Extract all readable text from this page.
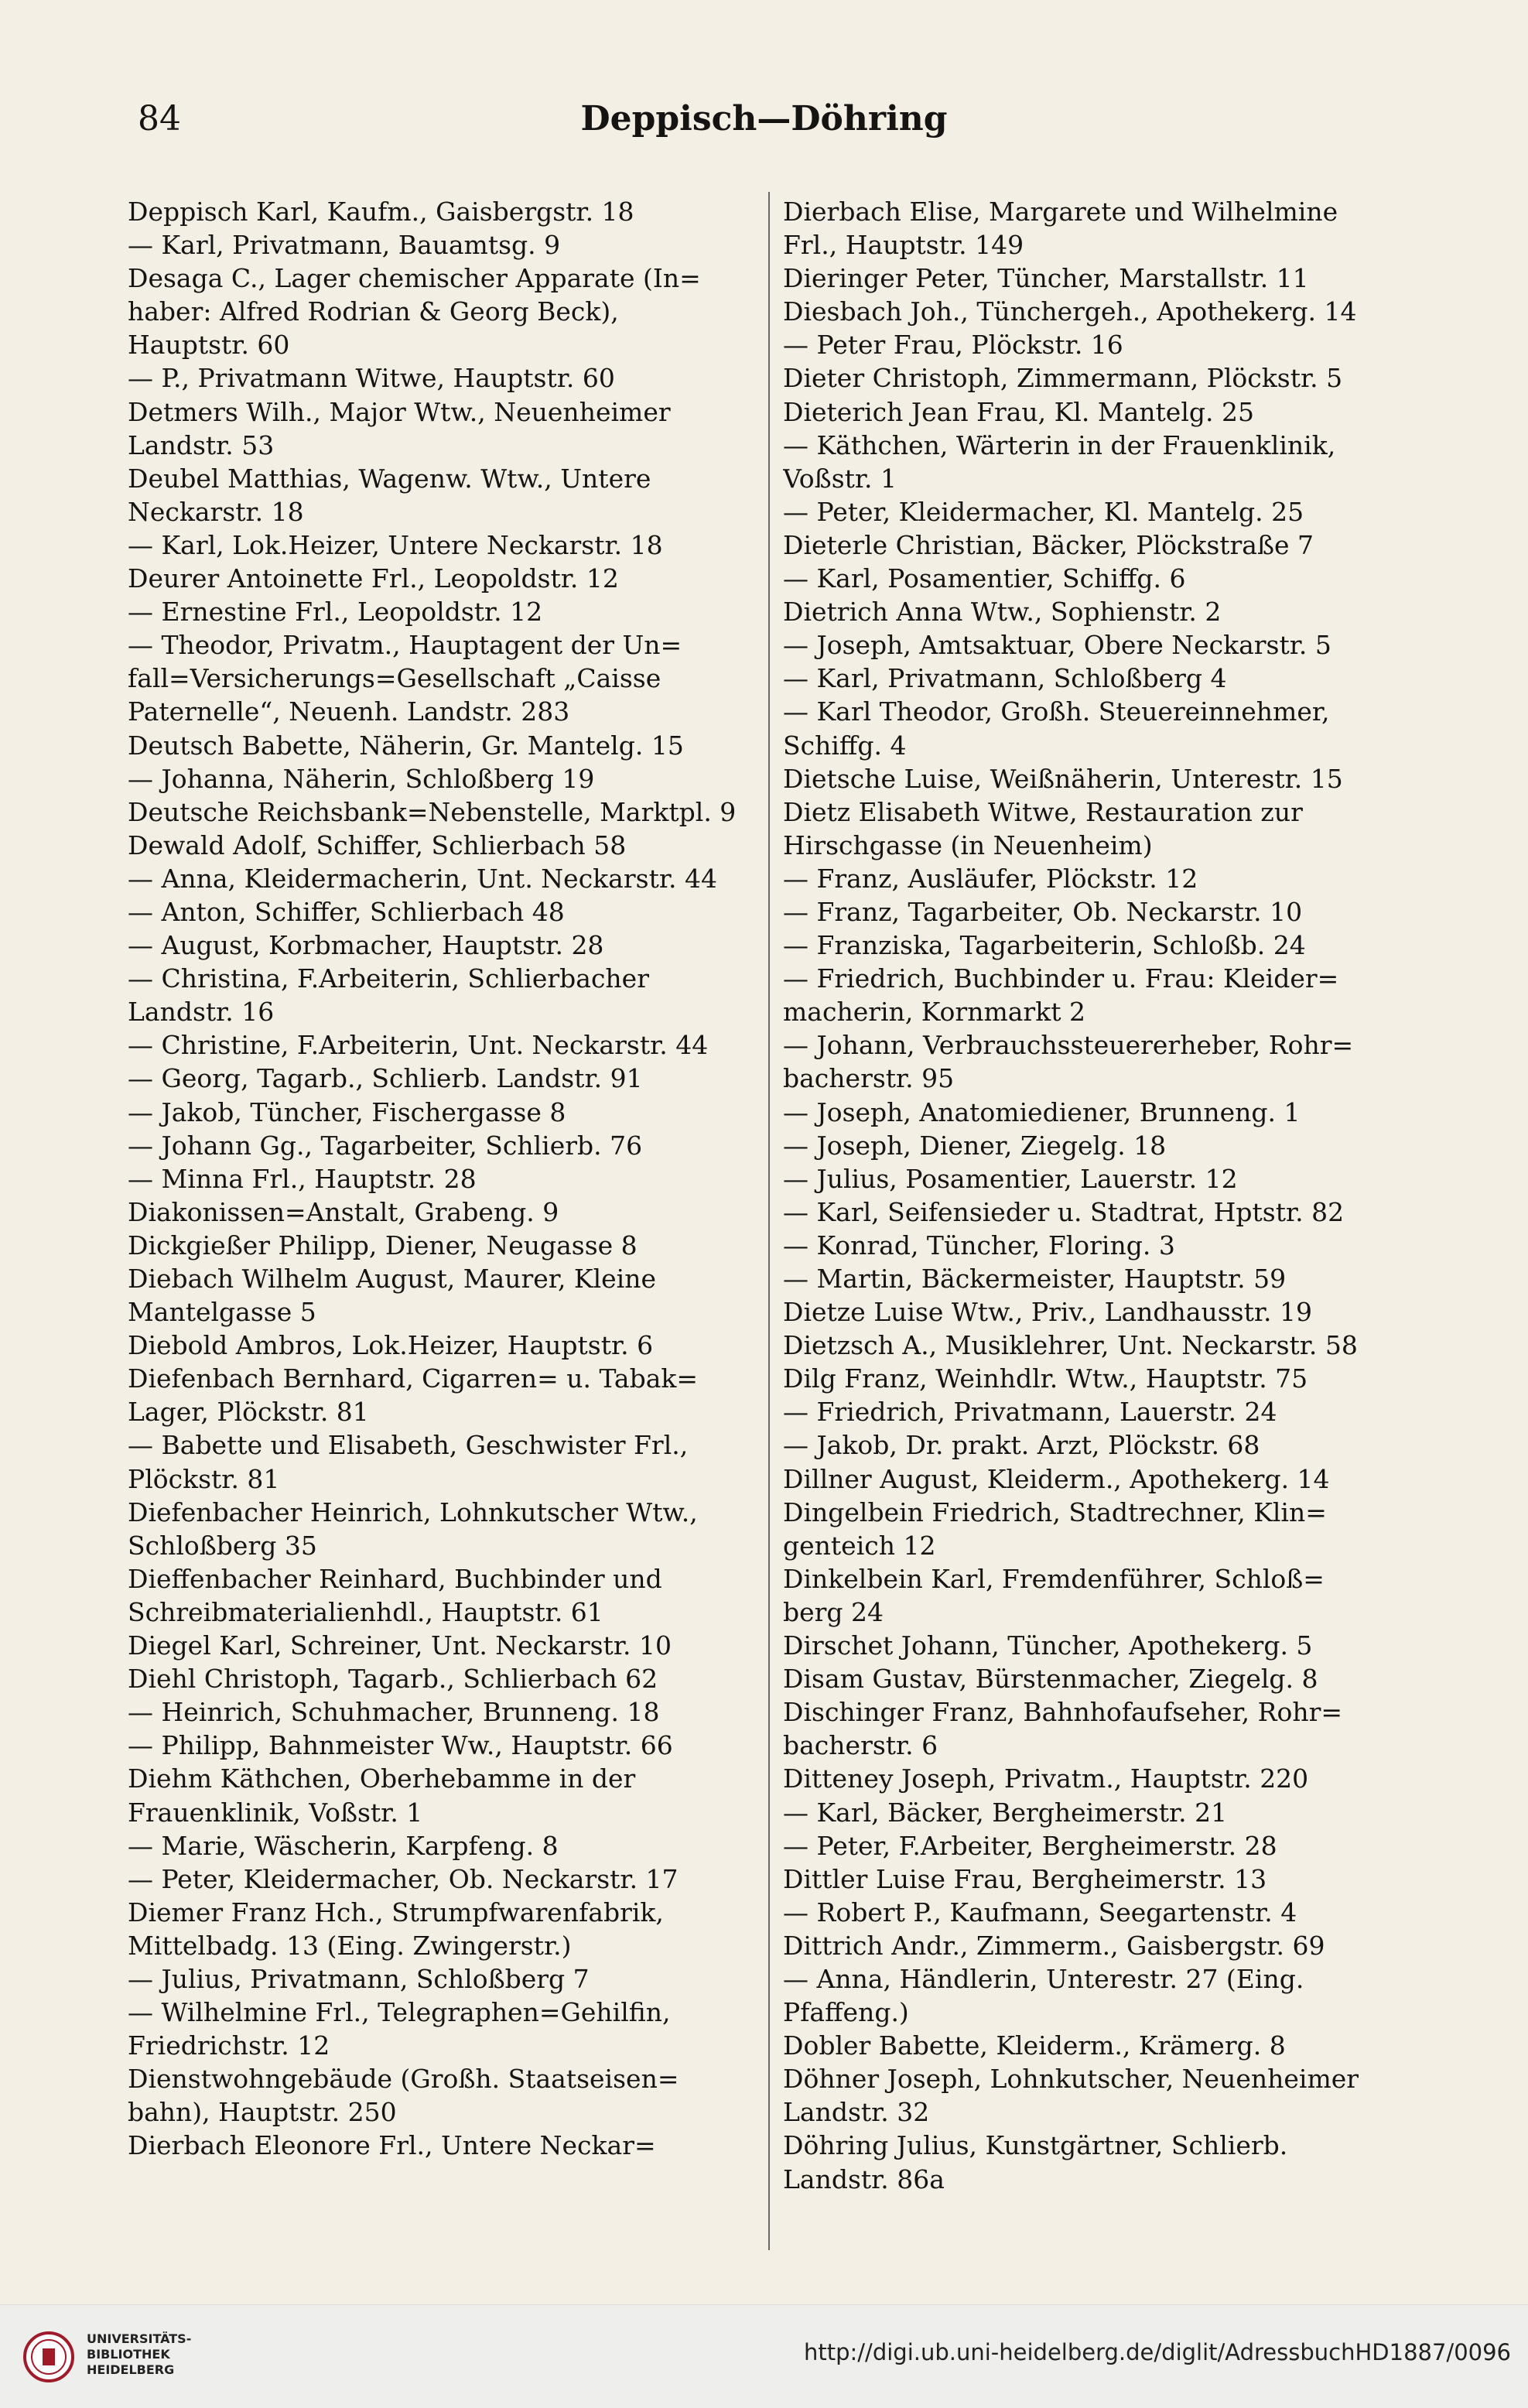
84	Deppisch—Döhring
Deppisch Karl, Kaufm., Gaisbergstr. 18
— Karl, Privatmann, Bauamtsg. 9
Desaga C., Lager chemischer Apparate (In=
haber: Alfred Rodrian & Georg Beck),
Hauptstr. 60
— P., Privatmann Witwe, Hauptstr. 60
Detmers Wilh., Major Wtw., Neuenheimer
Landstr. 53
Deubel Matthias, Wagenw. Wtw., Untere
Neckarstr. 18
— Karl, Lok.Heizer, Untere Neckarstr. 18
Deurer Antoinette Frl., Leopoldstr. 12
— Ernestine Frl., Leopoldstr. 12
— Theodor, Privatm., Hauptagent der Un=
fall=Versicherungs=Gesellschaft „Caisse
Paternelle“, Neuenh. Landstr. 283
Deutsch Babette, Näherin, Gr. Mantelg. 15
— Johanna, Näherin, Schloßberg 19
Deutsche Reichsbank=Nebenstelle, Marktpl. 9
Dewald Adolf, Schiffer, Schlierbach 58
— Anna, Kleidermacherin, Unt. Neckarstr. 44
— Anton, Schiffer, Schlierbach 48
— August, Korbmacher, Hauptstr. 28
— Christina, F.Arbeiterin, Schlierbacher
Landstr. 16
— Christine, F.Arbeiterin, Unt. Neckarstr. 44
— Georg, Tagarb., Schlierb. Landstr. 91
— Jakob, Tüncher, Fischergasse 8
— Johann Gg., Tagarbeiter, Schlierb. 76
— Minna Frl., Hauptstr. 28
Diakonissen=Anstalt, Grabeng. 9
Dickgießer Philipp, Diener, Neugasse 8
Diebach Wilhelm August, Maurer, Kleine
Mantelgasse 5
Diebold Ambros, Lok.Heizer, Hauptstr. 6
Diefenbach Bernhard, Cigarren= u. Tabak=
Lager, Plöckstr. 81
— Babette und Elisabeth, Geschwister Frl.,
Plöckstr. 81
Diefenbacher Heinrich, Lohnkutscher Wtw.,
Schloßberg 35
Dieffenbacher Reinhard, Buchbinder und
Schreibmaterialienhdl., Hauptstr. 61
Diegel Karl, Schreiner, Unt. Neckarstr. 10
Diehl Christoph, Tagarb., Schlierbach 62
— Heinrich, Schuhmacher, Brunneng. 18
— Philipp, Bahnmeister Ww., Hauptstr. 66
Diehm Käthchen, Oberhebamme in der
Frauenklinik, Voßstr. 1
— Marie, Wäscherin, Karpfeng. 8
— Peter, Kleidermacher, Ob. Neckarstr. 17
Diemer Franz Hch., Strumpfwarenfabrik,
Mittelbadg. 13 (Eing. Zwingerstr.)
— Julius, Privatmann, Schloßberg 7
— Wilhelmine Frl., Telegraphen=Gehilfin,
Friedrichstr. 12
Dienstwohngebäude (Großh. Staatseisen=
bahn), Hauptstr. 250
Dierbach Eleonore Frl., Untere Neckar=
Dierbach Elise, Margarete und Wilhelmine
Frl., Hauptstr. 149
Dieringer Peter, Tüncher, Marstallstr. 11
Diesbach Joh., Tünchergeh., Apothekerg. 14
— Peter Frau, Plöckstr. 16
Dieter Christoph, Zimmermann, Plöckstr. 5
Dieterich Jean Frau, Kl. Mantelg. 25
— Käthchen, Wärterin in der Frauenklinik,
Voßstr. 1
— Peter, Kleidermacher, Kl. Mantelg. 25
Dieterle Christian, Bäcker, Plöckstraße 7
— Karl, Posamentier, Schiffg. 6
Dietrich Anna Wtw., Sophienstr. 2
— Joseph, Amtsaktuar, Obere Neckarstr. 5
— Karl, Privatmann, Schloßberg 4
— Karl Theodor, Großh. Steuereinnehmer,
Schiffg. 4
Dietsche Luise, Weißnäherin, Unterestr. 15
Dietz Elisabeth Witwe, Restauration zur
Hirschgasse (in Neuenheim)
— Franz, Ausläufer, Plöckstr. 12
— Franz, Tagarbeiter, Ob. Neckarstr. 10
— Franziska, Tagarbeiterin, Schloßb. 24
— Friedrich, Buchbinder u. Frau: Kleider=
macherin, Kornmarkt 2
— Johann, Verbrauchssteuererheber, Rohr=
bacherstr. 95
— Joseph, Anatomiediener, Brunneng. 1
— Joseph, Diener, Ziegelg. 18
— Julius, Posamentier, Lauerstr. 12
— Karl, Seifensieder u. Stadtrat, Hptstr. 82
— Konrad, Tüncher, Floring. 3
— Martin, Bäckermeister, Hauptstr. 59
Dietze Luise Wtw., Priv., Landhausstr. 19
Dietzsch A., Musiklehrer, Unt. Neckarstr. 58
Dilg Franz, Weinhdlr. Wtw., Hauptstr. 75
— Friedrich, Privatmann, Lauerstr. 24
— Jakob, Dr. prakt. Arzt, Plöckstr. 68
Dillner August, Kleiderm., Apothekerg. 14
Dingelbein Friedrich, Stadtrechner, Klin=
genteich 12
Dinkelbein Karl, Fremdenführer, Schloß=
berg 24
Dirschet Johann, Tüncher, Apothekerg. 5
Disam Gustav, Bürstenmacher, Ziegelg. 8
Dischinger Franz, Bahnhofaufseher, Rohr=
bacherstr. 6
Ditteney Joseph, Privatm., Hauptstr. 220
— Karl, Bäcker, Bergheimerstr. 21
— Peter, F.Arbeiter, Bergheimerstr. 28
Dittler Luise Frau, Bergheimerstr. 13
— Robert P., Kaufmann, Seegartenstr. 4
Dittrich Andr., Zimmerm., Gaisbergstr. 69
— Anna, Händlerin, Unterestr. 27 (Eing.
Pfaffeng.)
Dobler Babette, Kleiderm., Krämerg. 8
Döhner Joseph, Lohnkutscher, Neuenheimer
Landstr. 32
Döhring Julius, Kunstgärtner, Schlierb.
Landstr. 86a
UNIVERSITÄTS-
BIBLIOTHEK
HEIDELBERG
http://digi.ub.uni-heidelberg.de/diglit/AdressbuchHD1887/0096
